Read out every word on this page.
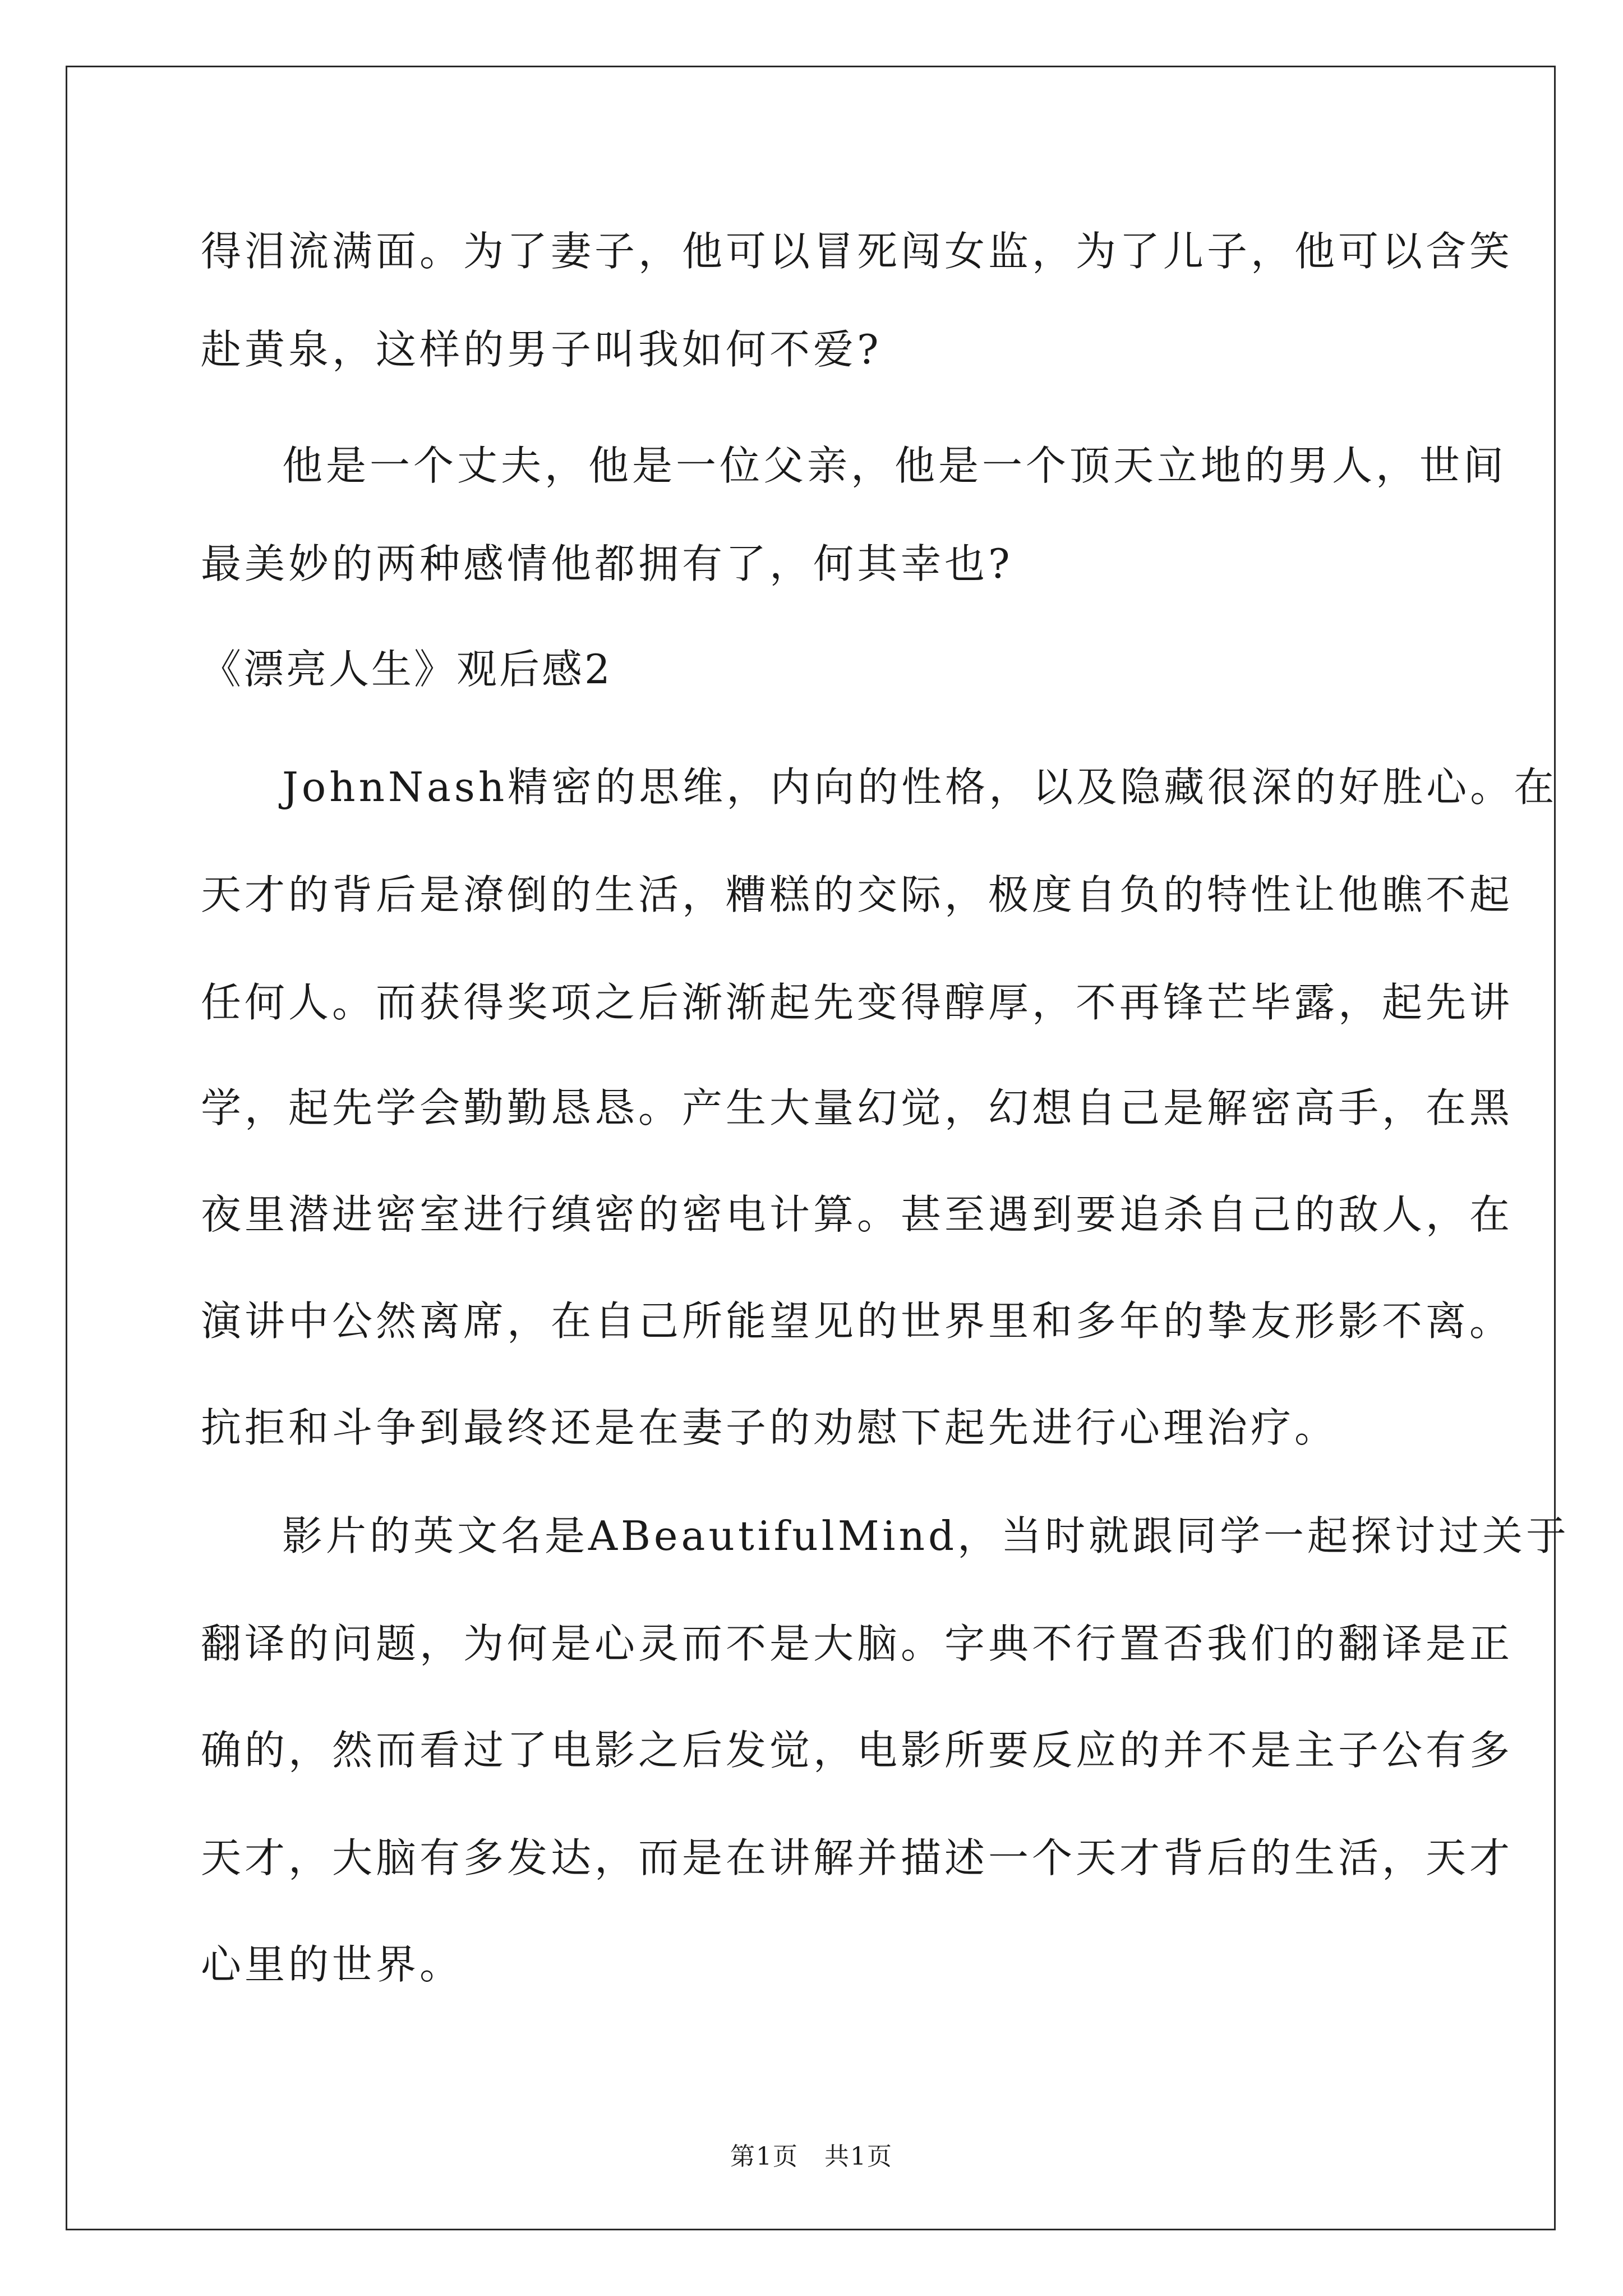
得泪流满面。为了妻子，他可以冒死闯女监，为了儿子，他可以含笑
赴黄泉，这样的男子叫我如何不爱?
他是一个丈夫，他是一位父亲，他是一个顶天立地的男人，世间
最美妙的两种感情他都拥有了，何其幸也?
《漂亮人生》观后感2
JohnNash精密的思维，内向的性格，以及隐藏很深的好胜心。在
天才的背后是潦倒的生活，糟糕的交际，极度自负的特性让他瞧不起
任何人。而获得奖项之后渐渐起先变得醇厚，不再锋芒毕露，起先讲
学，起先学会勤勤恳恳。产生大量幻觉，幻想自己是解密高手，在黑
夜里潜进密室进行缜密的密电计算。甚至遇到要追杀自己的敌人，在
演讲中公然离席，在自己所能望见的世界里和多年的挚友形影不离。
抗拒和斗争到最终还是在妻子的劝慰下起先进行心理治疗。
影片的英文名是ABeautifulMind，当时就跟同学一起探讨过关于
翻译的问题，为何是心灵而不是大脑。字典不行置否我们的翻译是正
确的，然而看过了电影之后发觉，电影所要反应的并不是主子公有多
天才，大脑有多发达，而是在讲解并描述一个天才背后的生活，天才
心里的世界。
第1页　共1页
